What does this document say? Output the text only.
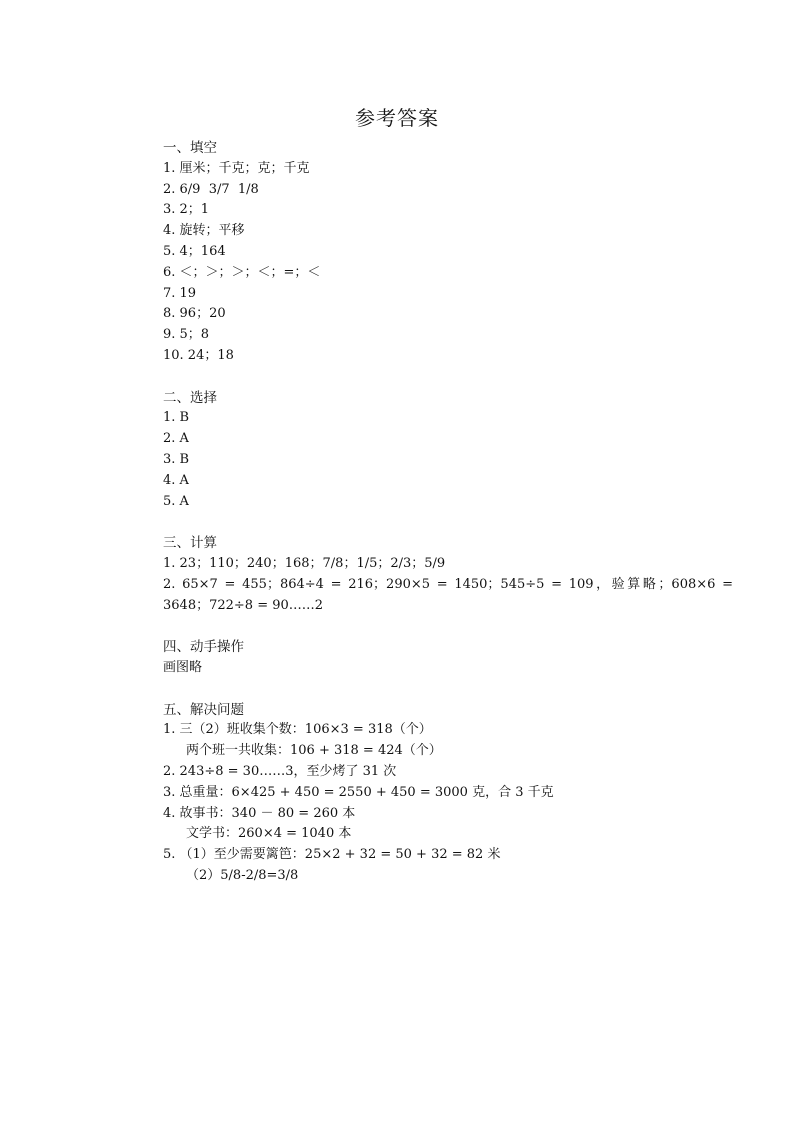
参考答案
一、填空
1. 厘米；千克；克；千克
2. 6/9  3/7  1/8
3. 2；1
4. 旋转；平移
5. 4；164
6. ＜；＞；＞；＜；=；＜
7. 19
8. 96；20
9. 5；8
10. 24；18
二、选择
1. B
2. A
3. B
4. A
5. A
三、计算
1. 23；110；240；168；7/8；1/5；2/3；5/9
2. 65×7 = 455；864÷4 = 216；290×5 = 1450；545÷5 = 109，验算略；608×6 = 3648；722÷8 = 90……2
四、动手操作
画图略
五、解决问题
1. 三（2）班收集个数：106×3 = 318（个）
两个班一共收集：106 + 318 = 424（个）
2. 243÷8 = 30……3，至少烤了 31 次
3. 总重量：6×425 + 450 = 2550 + 450 = 3000 克，合 3 千克
4. 故事书：340 － 80 = 260 本
文学书：260×4 = 1040 本
5. （1）至少需要篱笆：25×2 + 32 = 50 + 32 = 82 米
（2）5/8-2/8=3/8
